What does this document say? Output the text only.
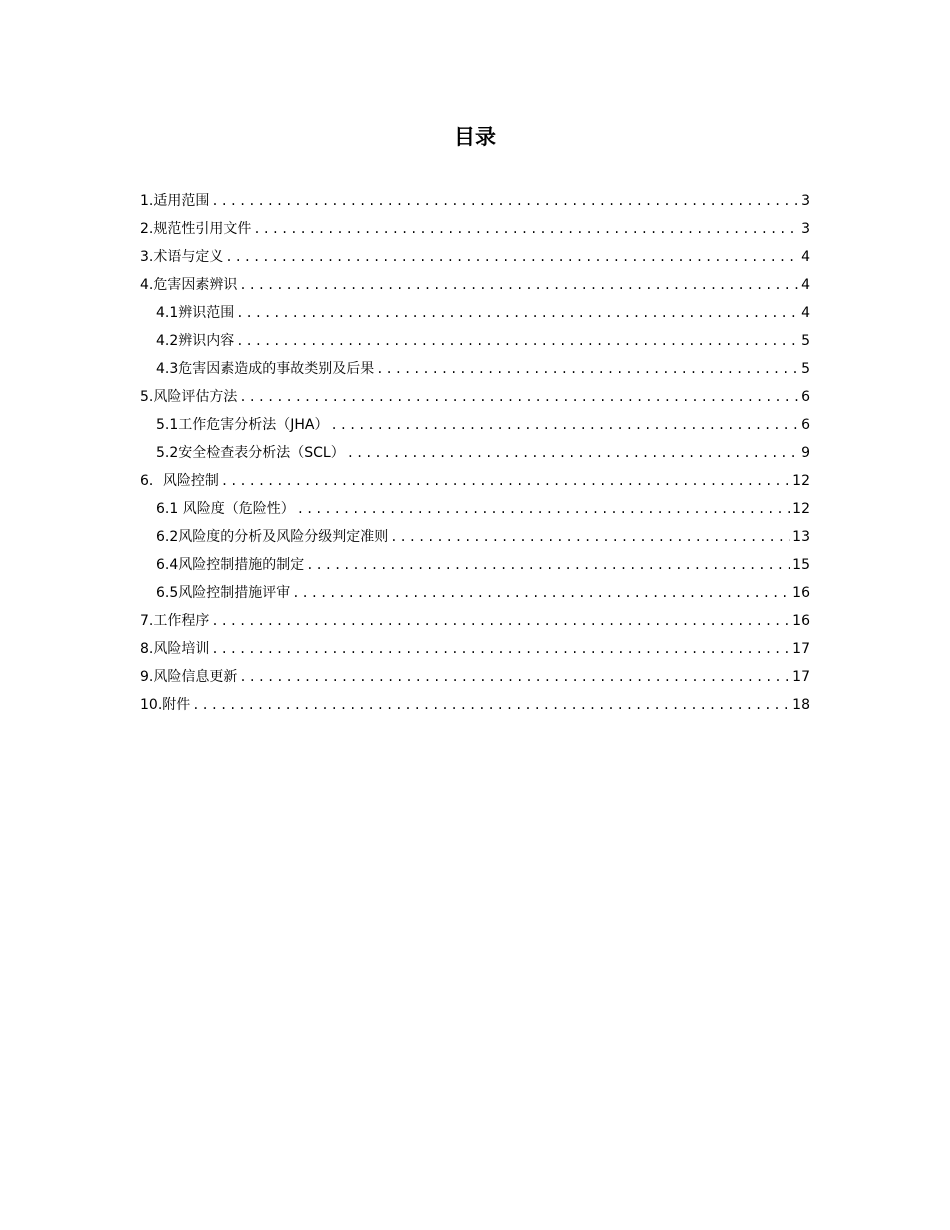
目录
1.适用范围 .....	3
2.规范性引用文件 .....	3
3.术语与定义 .....	4
4.危害因素辨识 .....	4
4.1辨识范围 .....	4
4.2辨识内容 .....	5
4.3危害因素造成的事故类别及后果 .....	5
5.风险评估方法 .....	6
5.1工作危害分析法（JHA） .....	6
5.2安全检查表分析法（SCL） .....	9
6．风险控制 .....	12
6.1 风险度（危险性） .....	12
6.2风险度的分析及风险分级判定准则 .....	13
6.4风险控制措施的制定 .....	15
6.5风险控制措施评审 .....	16
7.工作程序 .....	16
8.风险培训 .....	17
9.风险信息更新 .....	17
10.附件 .....	18
